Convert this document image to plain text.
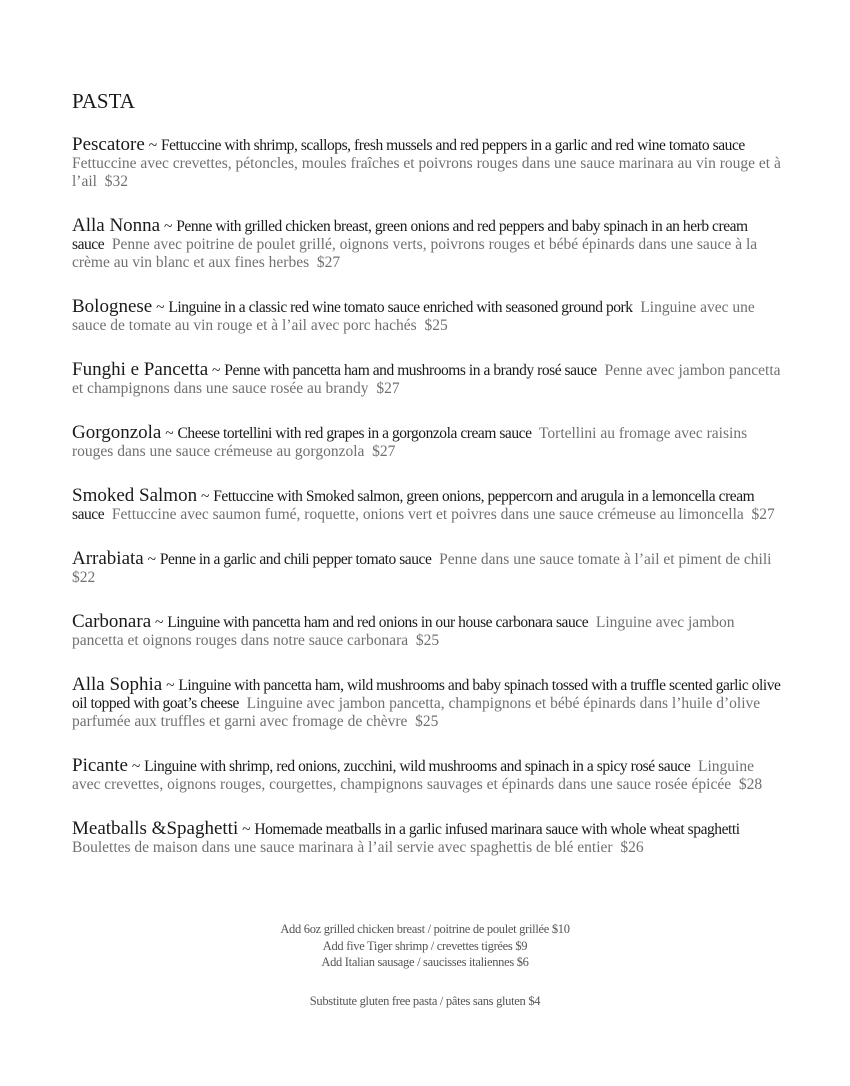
PASTA

Pescatore ~ Fettuccine with shrimp, scallops, fresh mussels and red peppers in a garlic and red wine tomato sauce  Fettuccine avec crevettes, pétoncles, moules fraîches et poivrons rouges dans une sauce marinara au vin rouge et à l’ail $32

Alla Nonna ~ Penne with grilled chicken breast, green onions and red peppers and baby spinach in an herb cream sauce Penne avec poitrine de poulet grillé, oignons verts, poivrons rouges et bébé épinards dans une sauce à la crème au vin blanc et aux fines herbes $27

Bolognese ~ Linguine in a classic red wine tomato sauce enriched with seasoned ground pork Linguine avec une sauce de tomate au vin rouge et à l’ail avec porc hachés $25

Funghi e Pancetta ~ Penne with pancetta ham and mushrooms in a brandy rosé sauce Penne avec jambon pancetta et champignons dans une sauce rosée au brandy $27

Gorgonzola ~ Cheese tortellini with red grapes in a gorgonzola cream sauce Tortellini au fromage avec raisins rouges dans une sauce crémeuse au gorgonzola $27

Smoked Salmon ~ Fettuccine with Smoked salmon, green onions, peppercorn and arugula in a lemoncella cream sauce Fettuccine avec saumon fumé, roquette, onions vert et poivres dans une sauce crémeuse au limoncella $27

Arrabiata ~ Penne in a garlic and chili pepper tomato sauce Penne dans une sauce tomate à l’ail et piment de chili  $22

Carbonara ~ Linguine with pancetta ham and red onions in our house carbonara sauce Linguine avec jambon pancetta et oignons rouges dans notre sauce carbonara $25

Alla Sophia ~ Linguine with pancetta ham, wild mushrooms and baby spinach tossed with a truffle scented garlic olive oil topped with goat’s cheese Linguine avec jambon pancetta, champignons et bébé épinards dans l’huile d’olive parfumée aux truffles et garni avec fromage de chèvre $25

Picante ~ Linguine with shrimp, red onions, zucchini, wild mushrooms and spinach in a spicy rosé sauce Linguine avec crevettes, oignons rouges, courgettes, champignons sauvages et épinards dans une sauce rosée épicée $28

Meatballs &Spaghetti ~ Homemade meatballs in a garlic infused marinara sauce with whole wheat spaghetti  Boulettes de maison dans une sauce marinara à l’ail servie avec spaghettis de blé entier $26

Add 6oz grilled chicken breast / poitrine de poulet grillée $10
Add five Tiger shrimp / crevettes tigrées $9
Add Italian sausage / saucisses italiennes $6
Substitute gluten free pasta / pâtes sans gluten $4
